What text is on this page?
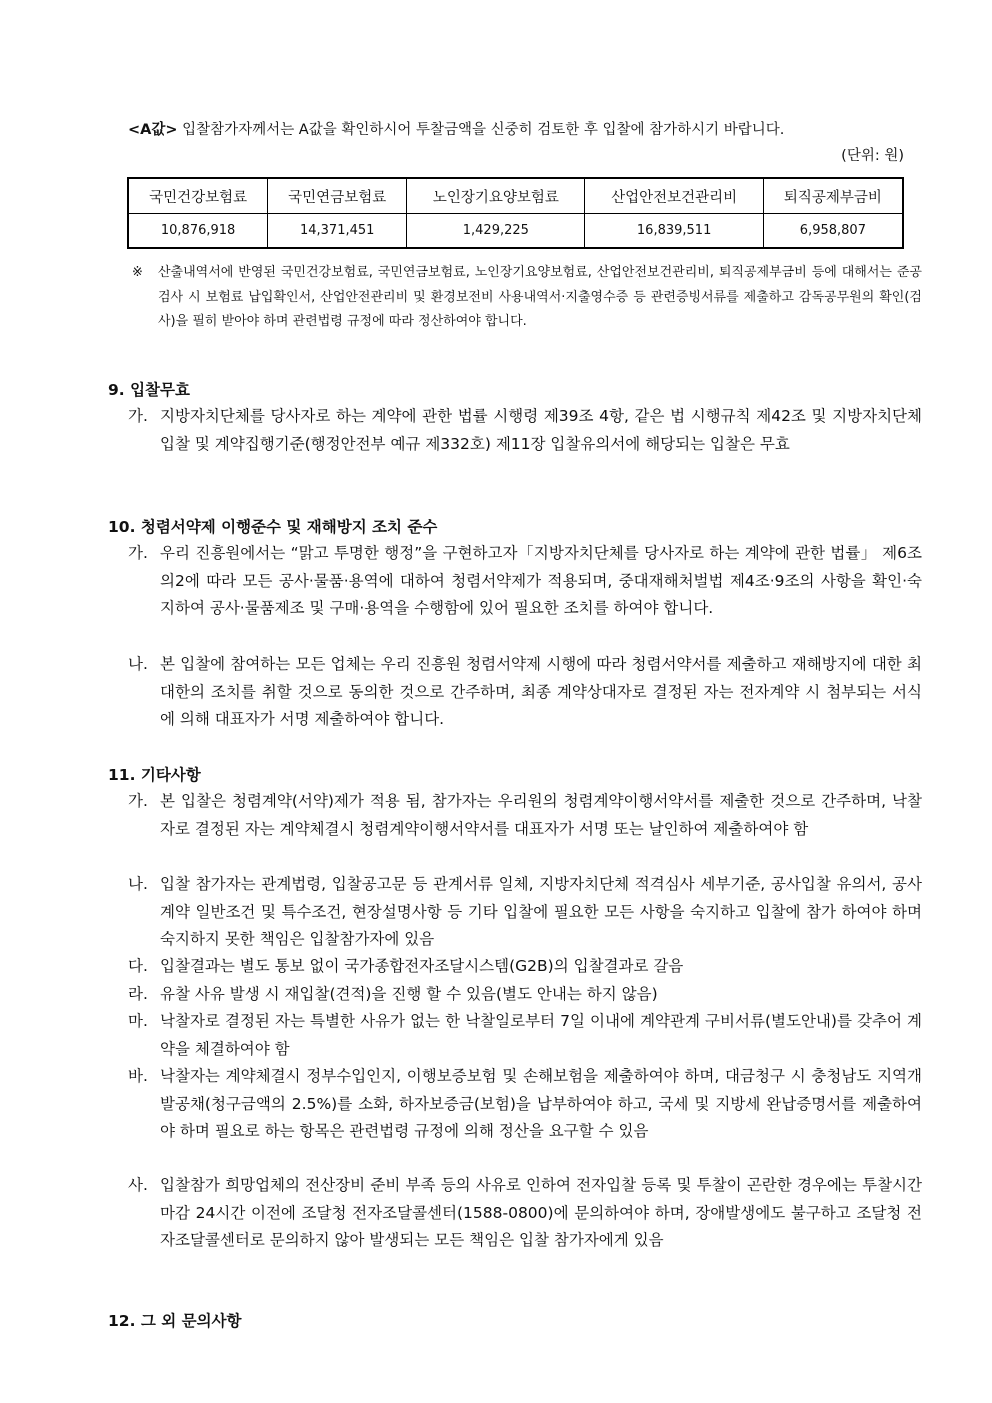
<A값> 입찰참가자께서는 A값을 확인하시어 투찰금액을 신중히 검토한 후 입찰에 참가하시기 바랍니다.
(단위: 원)
국민건강보험료	국민연금보험료	노인장기요양보험료	산업안전보건관리비	퇴직공제부금비
10,876,918	14,371,451	1,429,225	16,839,511	6,958,807
※ 산출내역서에 반영된 국민건강보험료, 국민연금보험료, 노인장기요양보험료, 산업안전보건관리비, 퇴직공제부금비 등에 대해서는 준공검사 시 보험료 납입확인서, 산업안전관리비 및 환경보전비 사용내역서·지출영수증 등 관련증빙서류를 제출하고 감독공무원의 확인(검사)을 필히 받아야 하며 관련법령 규정에 따라 정산하여야 합니다.
9. 입찰무효
가. 지방자치단체를 당사자로 하는 계약에 관한 법률 시행령 제39조 4항, 같은 법 시행규칙 제42조 및 지방자치단체 입찰 및 계약집행기준(행정안전부 예규 제332호) 제11장 입찰유의서에 해당되는 입찰은 무효
10. 청렴서약제 이행준수 및 재해방지 조치 준수
가. 우리 진흥원에서는 “맑고 투명한 행정”을 구현하고자「지방자치단체를 당사자로 하는 계약에 관한 법률」 제6조의2에 따라 모든 공사·물품·용역에 대하여 청렴서약제가 적용되며, 중대재해처벌법 제4조·9조의 사항을 확인·숙지하여 공사·물품제조 및 구매·용역을 수행함에 있어 필요한 조치를 하여야 합니다.
나. 본 입찰에 참여하는 모든 업체는 우리 진흥원 청렴서약제 시행에 따라 청렴서약서를 제출하고 재해방지에 대한 최대한의 조치를 취할 것으로 동의한 것으로 간주하며, 최종 계약상대자로 결정된 자는 전자계약 시 첨부되는 서식에 의해 대표자가 서명 제출하여야 합니다.
11. 기타사항
가. 본 입찰은 청렴계약(서약)제가 적용 됨, 참가자는 우리원의 청렴계약이행서약서를 제출한 것으로 간주하며, 낙찰자로 결정된 자는 계약체결시 청렴계약이행서약서를 대표자가 서명 또는 날인하여 제출하여야 함
나. 입찰 참가자는 관계법령, 입찰공고문 등 관계서류 일체, 지방자치단체 적격심사 세부기준, 공사입찰 유의서, 공사계약 일반조건 및 특수조건, 현장설명사항 등 기타 입찰에 필요한 모든 사항을 숙지하고 입찰에 참가 하여야 하며 숙지하지 못한 책임은 입찰참가자에 있음
다. 입찰결과는 별도 통보 없이 국가종합전자조달시스템(G2B)의 입찰결과로 갈음
라. 유찰 사유 발생 시 재입찰(견적)을 진행 할 수 있음(별도 안내는 하지 않음)
마. 낙찰자로 결정된 자는 특별한 사유가 없는 한 낙찰일로부터 7일 이내에 계약관계 구비서류(별도안내)를 갖추어 계약을 체결하여야 함
바. 낙찰자는 계약체결시 정부수입인지, 이행보증보험 및 손해보험을 제출하여야 하며, 대금청구 시 충청남도 지역개발공채(청구금액의 2.5%)를 소화, 하자보증금(보험)을 납부하여야 하고, 국세 및 지방세 완납증명서를 제출하여야 하며 필요로 하는 항목은 관련법령 규정에 의해 정산을 요구할 수 있음
사. 입찰참가 희망업체의 전산장비 준비 부족 등의 사유로 인하여 전자입찰 등록 및 투찰이 곤란한 경우에는 투찰시간 마감 24시간 이전에 조달청 전자조달콜센터(1588-0800)에 문의하여야 하며, 장애발생에도 불구하고 조달청 전자조달콜센터로 문의하지 않아 발생되는 모든 책임은 입찰 참가자에게 있음
12. 그 외 문의사항
